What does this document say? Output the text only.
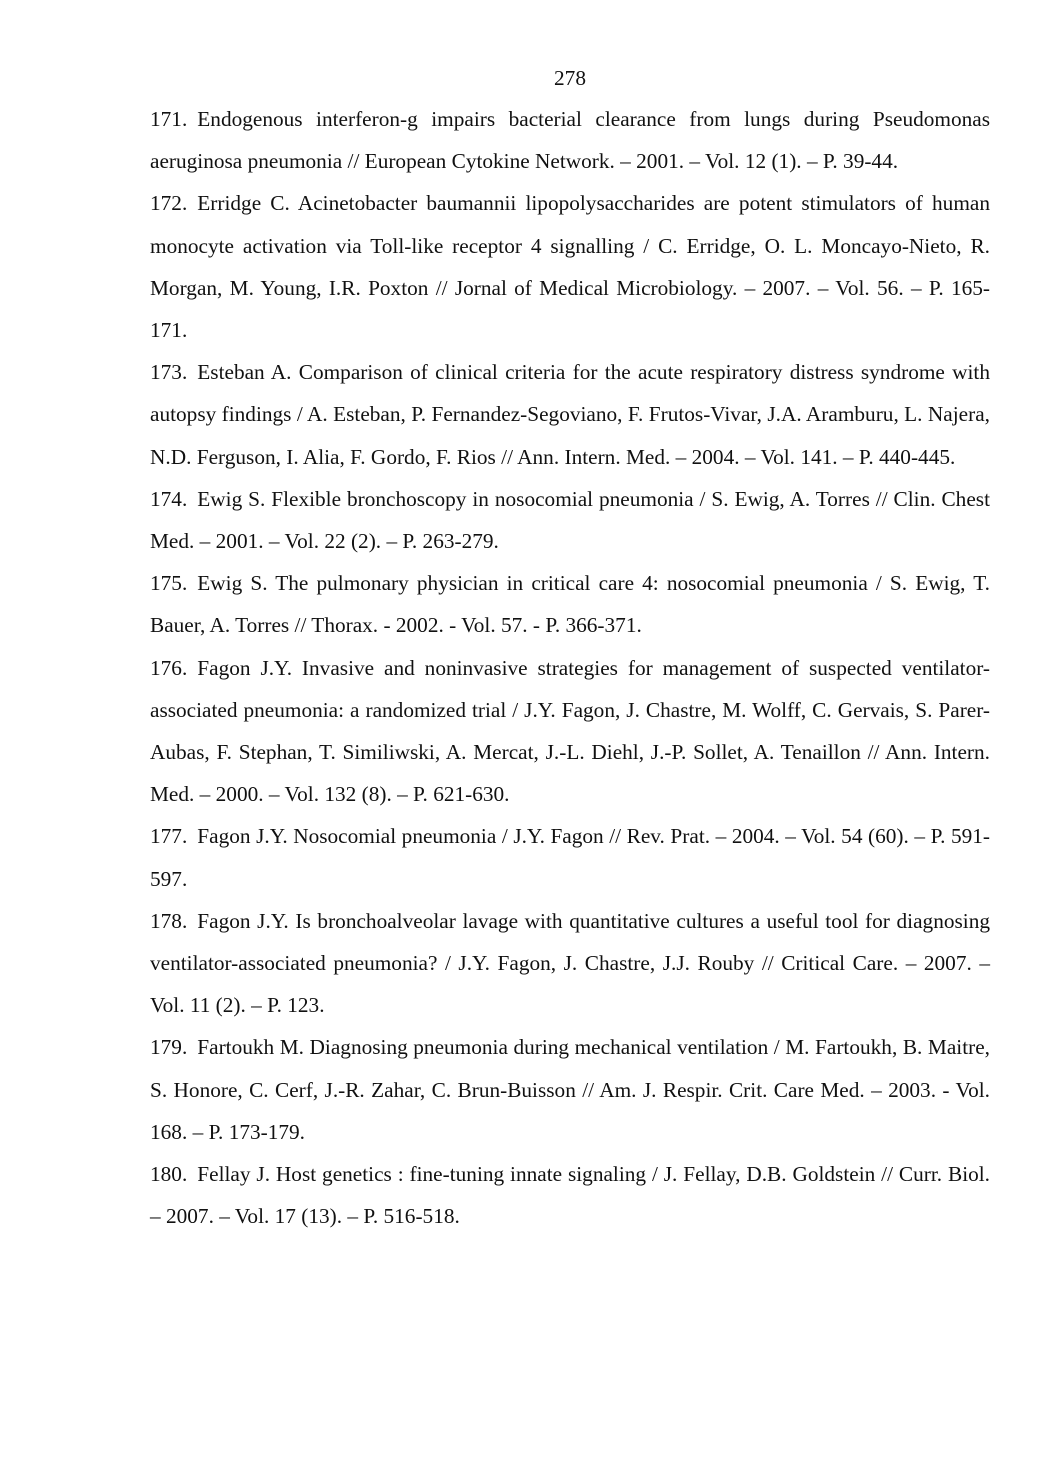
278

171. Endogenous interferon-g impairs bacterial clearance from lungs during Pseudomonas aeruginosa pneumonia // European Cytokine Network. – 2001. – Vol. 12 (1). – P. 39-44.

172. Erridge C. Acinetobacter baumannii lipopolysaccharides are potent stimulators of human monocyte activation via Toll-like receptor 4 signalling / C. Erridge, O. L. Moncayo-Nieto, R. Morgan, M. Young, I.R. Poxton // Jornal of Medical Microbiology. – 2007. – Vol. 56. – P. 165-171.

173. Esteban A. Comparison of clinical criteria for the acute respiratory distress syndrome with autopsy findings / A. Esteban, P. Fernandez-Segoviano, F. Frutos-Vivar, J.A. Aramburu, L. Najera, N.D. Ferguson, I. Alia, F. Gordo, F. Rios // Ann. Intern. Med. – 2004. – Vol. 141. – P. 440-445.

174. Ewig S. Flexible bronchoscopy in nosocomial pneumonia / S. Ewig, A. Torres // Clin. Chest Med. – 2001. – Vol. 22 (2). – P. 263-279.

175. Ewig S. The pulmonary physician in critical care 4: nosocomial pneumonia / S. Ewig, T. Bauer, A. Torres // Thorax. - 2002. - Vol. 57. - P. 366-371.

176. Fagon J.Y. Invasive and noninvasive strategies for management of suspected ventilator-associated pneumonia: a randomized trial / J.Y. Fagon, J. Chastre, M. Wolff, C. Gervais, S. Parer-Aubas, F. Stephan, T. Similiwski, A. Mercat, J.-L. Diehl, J.-P. Sollet, A. Tenaillon // Ann. Intern. Med. – 2000. – Vol. 132 (8). – P. 621-630.

177. Fagon J.Y. Nosocomial pneumonia / J.Y. Fagon // Rev. Prat. – 2004. – Vol. 54 (60). – P. 591-597.

178. Fagon J.Y. Is bronchoalveolar lavage with quantitative cultures a useful tool for diagnosing ventilator-associated pneumonia? / J.Y. Fagon, J. Chastre, J.J. Rouby // Critical Care. – 2007. – Vol. 11 (2). – P. 123.

179. Fartoukh M. Diagnosing pneumonia during mechanical ventilation / M. Fartoukh, B. Maitre, S. Honore, C. Cerf, J.-R. Zahar, C. Brun-Buisson // Am. J. Respir. Crit. Care Med. – 2003. - Vol. 168. – P. 173-179.

180. Fellay J. Host genetics : fine-tuning innate signaling / J. Fellay, D.B. Goldstein // Curr. Biol. – 2007. – Vol. 17 (13). – P. 516-518.
